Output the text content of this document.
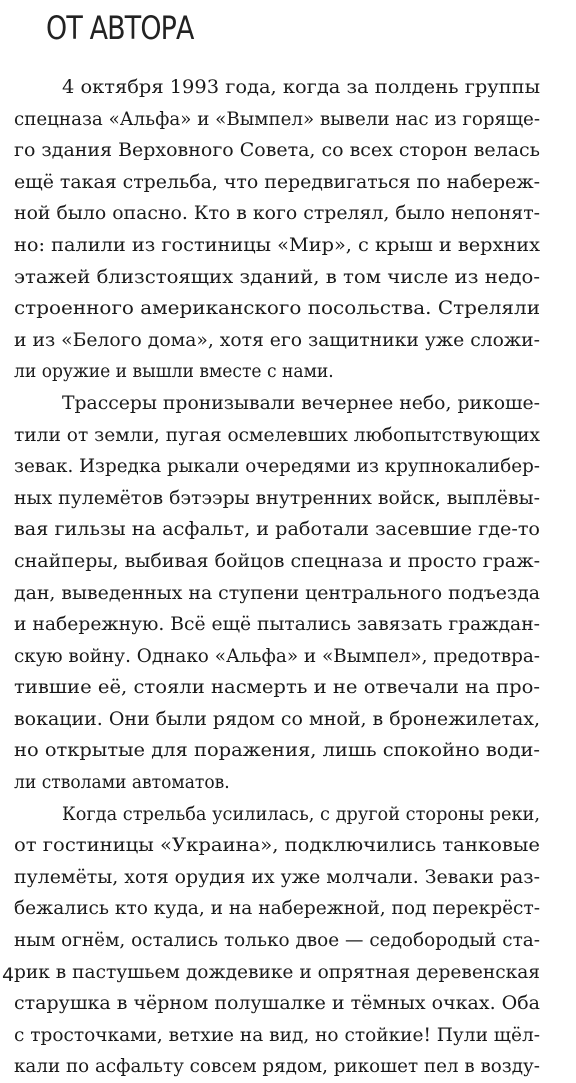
ОТ АВТОРА
4 октября 1993 года, когда за полдень группы
спецназа «Альфа» и «Вымпел» вывели нас из горяще-
го здания Верховного Совета, со всех сторон велась
ещё такая стрельба, что передвигаться по набереж-
ной было опасно. Кто в кого стрелял, было непонят-
но: палили из гостиницы «Мир», с крыш и верхних
этажей близстоящих зданий, в том числе из недо-
строенного американского посольства. Стреляли
и из «Белого дома», хотя его защитники уже сложи-
ли оружие и вышли вместе с нами.
Трассеры пронизывали вечернее небо, рикоше-
тили от земли, пугая осмелевших любопытствующих
зевак. Изредка рыкали очередями из крупнокалибер-
ных пулемётов бэтээры внутренних войск, выплёвы-
вая гильзы на асфальт, и работали засевшие где-то
снайперы, выбивая бойцов спецназа и просто граж-
дан, выведенных на ступени центрального подъезда
и набережную. Всё ещё пытались завязать граждан-
скую войну. Однако «Альфа» и «Вымпел», предотвра-
тившие её, стояли насмерть и не отвечали на про-
вокации. Они были рядом со мной, в бронежилетах,
но открытые для поражения, лишь спокойно води-
ли стволами автоматов.
Когда стрельба усилилась, с другой стороны реки,
от гостиницы «Украина», подключились танковые
пулемёты, хотя орудия их уже молчали. Зеваки раз-
бежались кто куда, и на набережной, под перекрёст-
ным огнём, остались только двое — седобородый ста-
рик в пастушьем дождевике и опрятная деревенская
старушка в чёрном полушалке и тёмных очках. Оба
с тросточками, ветхие на вид, но стойкие! Пули щёл-
кали по асфальту совсем рядом, рикошет пел в возду-
4
